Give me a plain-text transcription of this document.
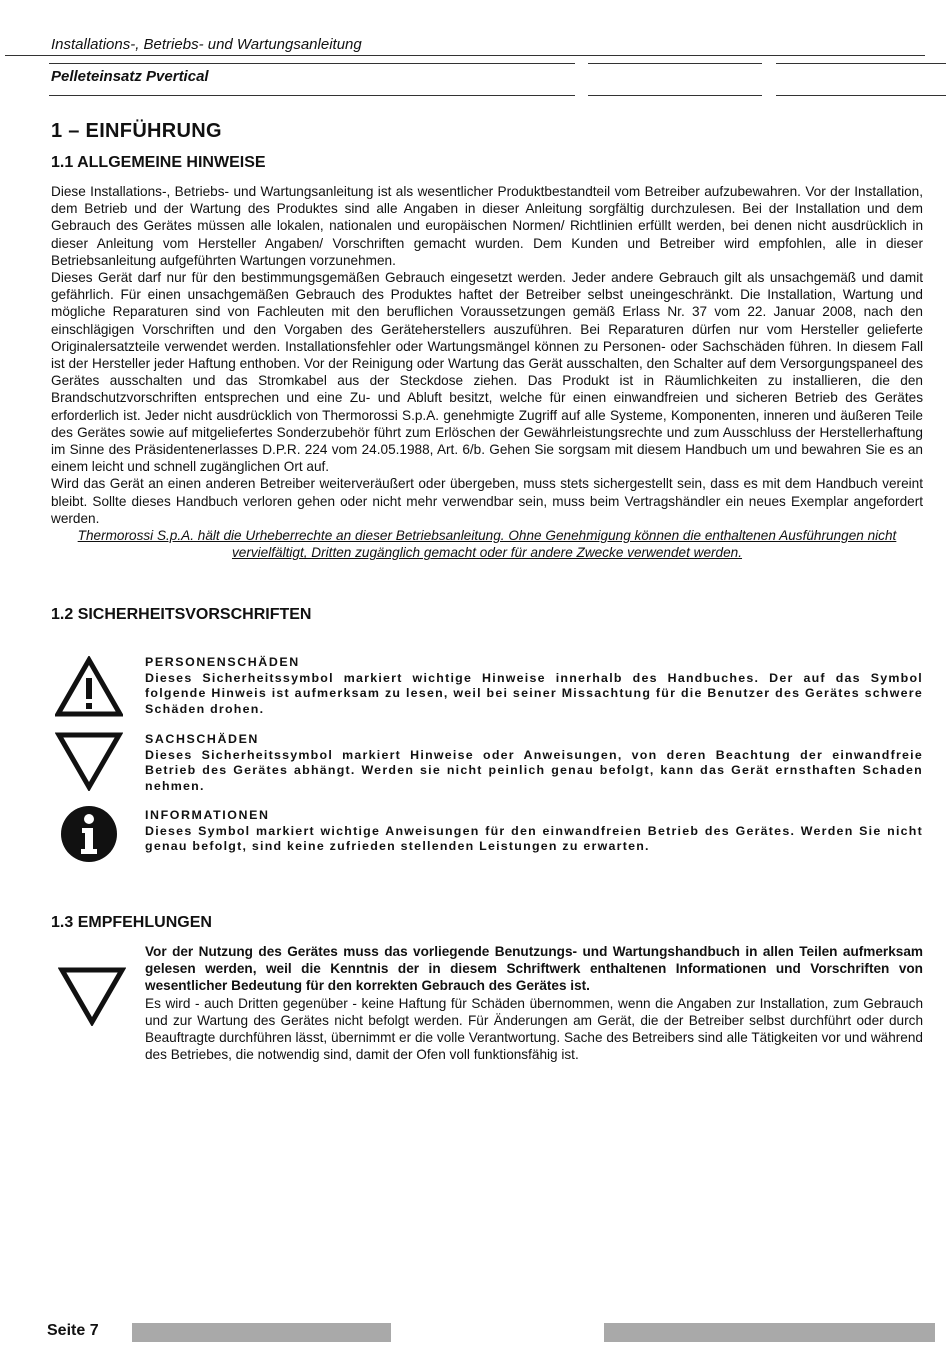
Installations-, Betriebs- und Wartungsanleitung
Pelleteinsatz Pvertical
1 – EINFÜHRUNG
1.1 ALLGEMEINE HINWEISE

Diese Installations-, Betriebs- und Wartungsanleitung ist als wesentlicher Produktbestandteil vom Betreiber aufzubewahren. Vor der Installation, dem Betrieb und der Wartung des Produktes sind alle Angaben in dieser Anleitung sorgfältig durchzulesen. Bei der Installation und dem Gebrauch des Gerätes müssen alle lokalen, nationalen und europäischen Normen/ Richtlinien erfüllt werden, bei denen nicht ausdrücklich in dieser Anleitung vom Hersteller Angaben/ Vorschriften gemacht wurden. Dem Kunden und Betreiber wird empfohlen, alle in dieser Betriebsanleitung aufgeführten Wartungen vorzunehmen.

Dieses Gerät darf nur für den bestimmungsgemäßen Gebrauch eingesetzt werden. Jeder andere Gebrauch gilt als unsachgemäß und damit gefährlich. Für einen unsachgemäßen Gebrauch des Produktes haftet der Betreiber selbst uneingeschränkt. Die Installation, Wartung und mögliche Reparaturen sind von Fachleuten mit den beruflichen Voraussetzungen gemäß Erlass Nr. 37 vom 22. Januar 2008, nach den einschlägigen Vorschriften und den Vorgaben des Geräteherstellers auszuführen. Bei Reparaturen dürfen nur vom Hersteller gelieferte Originalersatzteile verwendet werden. Installationsfehler oder Wartungsmängel können zu Personen- oder Sachschäden führen. In diesem Fall ist der Hersteller jeder Haftung enthoben. Vor der Reinigung oder Wartung das Gerät ausschalten, den Schalter auf dem Versorgungspaneel des Gerätes ausschalten und das Stromkabel aus der Steckdose ziehen. Das Produkt ist in Räumlichkeiten zu installieren, die den Brandschutzvorschriften entsprechen und eine Zu- und Abluft besitzt, welche für einen einwandfreien und sicheren Betrieb des Gerätes erforderlich ist. Jeder nicht ausdrücklich von Thermorossi S.p.A. genehmigte Zugriff auf alle Systeme, Komponenten, inneren und äußeren Teile des Gerätes sowie auf mitgeliefertes Sonderzubehör führt zum Erlöschen der Gewährleistungsrechte und zum Ausschluss der Herstellerhaftung im Sinne des Präsidentenerlasses D.P.R. 224 vom 24.05.1988, Art. 6/b. Gehen Sie sorgsam mit diesem Handbuch um und bewahren Sie es an einem leicht und schnell zugänglichen Ort auf.

Wird das Gerät an einen anderen Betreiber weiterveräußert oder übergeben, muss stets sichergestellt sein, dass es mit dem Handbuch vereint bleibt. Sollte dieses Handbuch verloren gehen oder nicht mehr verwendbar sein, muss beim Vertragshändler ein neues Exemplar angefordert werden.

Thermorossi S.p.A. hält die Urheberrechte an dieser Betriebsanleitung. Ohne Genehmigung können die enthaltenen Ausführungen nicht vervielfältigt, Dritten zugänglich gemacht oder für andere Zwecke verwendet werden.

1.2 SICHERHEITSVORSCHRIFTEN
PERSONENSCHÄDEN
Dieses Sicherheitssymbol markiert wichtige Hinweise innerhalb des Handbuches. Der auf das Symbol folgende Hinweis ist aufmerksam zu lesen, weil bei seiner Missachtung für die Benutzer des Gerätes schwere Schäden drohen.
SACHSCHÄDEN
Dieses Sicherheitssymbol markiert Hinweise oder Anweisungen, von deren Beachtung der einwandfreie Betrieb des Gerätes abhängt. Werden sie nicht peinlich genau befolgt, kann das Gerät ernsthaften Schaden nehmen.
INFORMATIONEN
Dieses Symbol markiert wichtige Anweisungen für den einwandfreien Betrieb des Gerätes. Werden Sie nicht genau befolgt, sind keine zufrieden stellenden Leistungen zu erwarten.
1.3 EMPFEHLUNGEN

Vor der Nutzung des Gerätes muss das vorliegende Benutzungs- und Wartungshandbuch in allen Teilen aufmerksam gelesen werden, weil die Kenntnis der in diesem Schriftwerk enthaltenen Informationen und Vorschriften von wesentlicher Bedeutung für den korrekten Gebrauch des Gerätes ist.

Es wird - auch Dritten gegenüber - keine Haftung für Schäden übernommen, wenn die Angaben zur Installation, zum Gebrauch und zur Wartung des Gerätes nicht befolgt werden. Für Änderungen am Gerät, die der Betreiber selbst durchführt oder durch Beauftragte durchführen lässt, übernimmt er die volle Verantwortung. Sache des Betreibers sind alle Tätigkeiten vor und während des Betriebes, die notwendig sind, damit der Ofen voll funktionsfähig ist.

Seite 7
